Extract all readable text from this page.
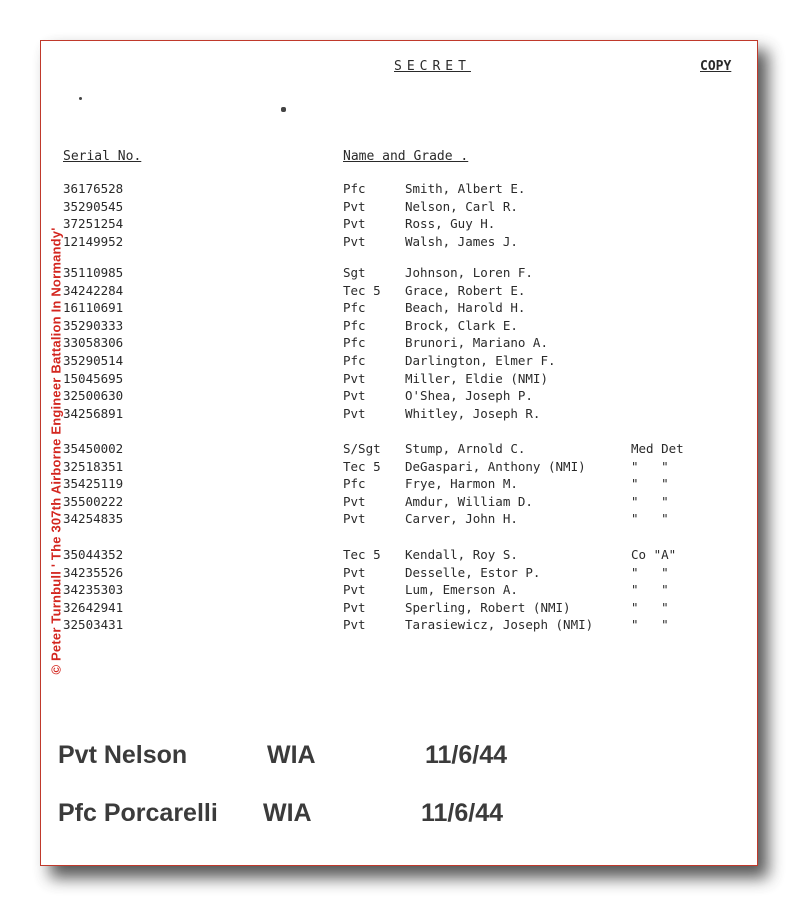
SECRET	COPY
Serial No.	Name and Grade .
36176528	Pfc	Smith, Albert E.
35290545	Pvt	Nelson, Carl R.
37251254	Pvt	Ross, Guy H.
12149952	Pvt	Walsh, James J.
35110985	Sgt	Johnson, Loren F.
34242284	Tec 5 Grace, Robert E.
16110691	Pfc	Beach, Harold H.
35290333	Pfc	Brock, Clark E.
33058306	Pfc	Brunori, Mariano A.
35290514	Pfc	Darlington, Elmer F.
15045695	Pvt	Miller, Eldie (NMI)
32500630	Pvt	O'Shea, Joseph P.
34256891	Pvt	Whitley, Joseph R.
35450002	S/Sgt Stump, Arnold C.	Med Det
32518351	Tec 5 DeGaspari, Anthony (NMI)	"   "
35425119	Pfc	Frye, Harmon M.	"   "
35500222	Pvt	Amdur, William D.	"   "
34254835	Pvt	Carver, John H.	"   "
35044352	Tec 5 Kendall, Roy S.	Co "A"
34235526	Pvt	Desselle, Estor P.	"   "
34235303	Pvt	Lum, Emerson A.	"   "
32642941	Pvt	Sperling, Robert (NMI)	"   "
32503431	Pvt	Tarasiewicz, Joseph (NMI)	"   "
© Peter Turnbull ' The 307th Airborne Engineer Battalion In Normandy'
Pvt Nelson	WIA	11/6/44
Pfc Porcarelli WIA	11/6/44
